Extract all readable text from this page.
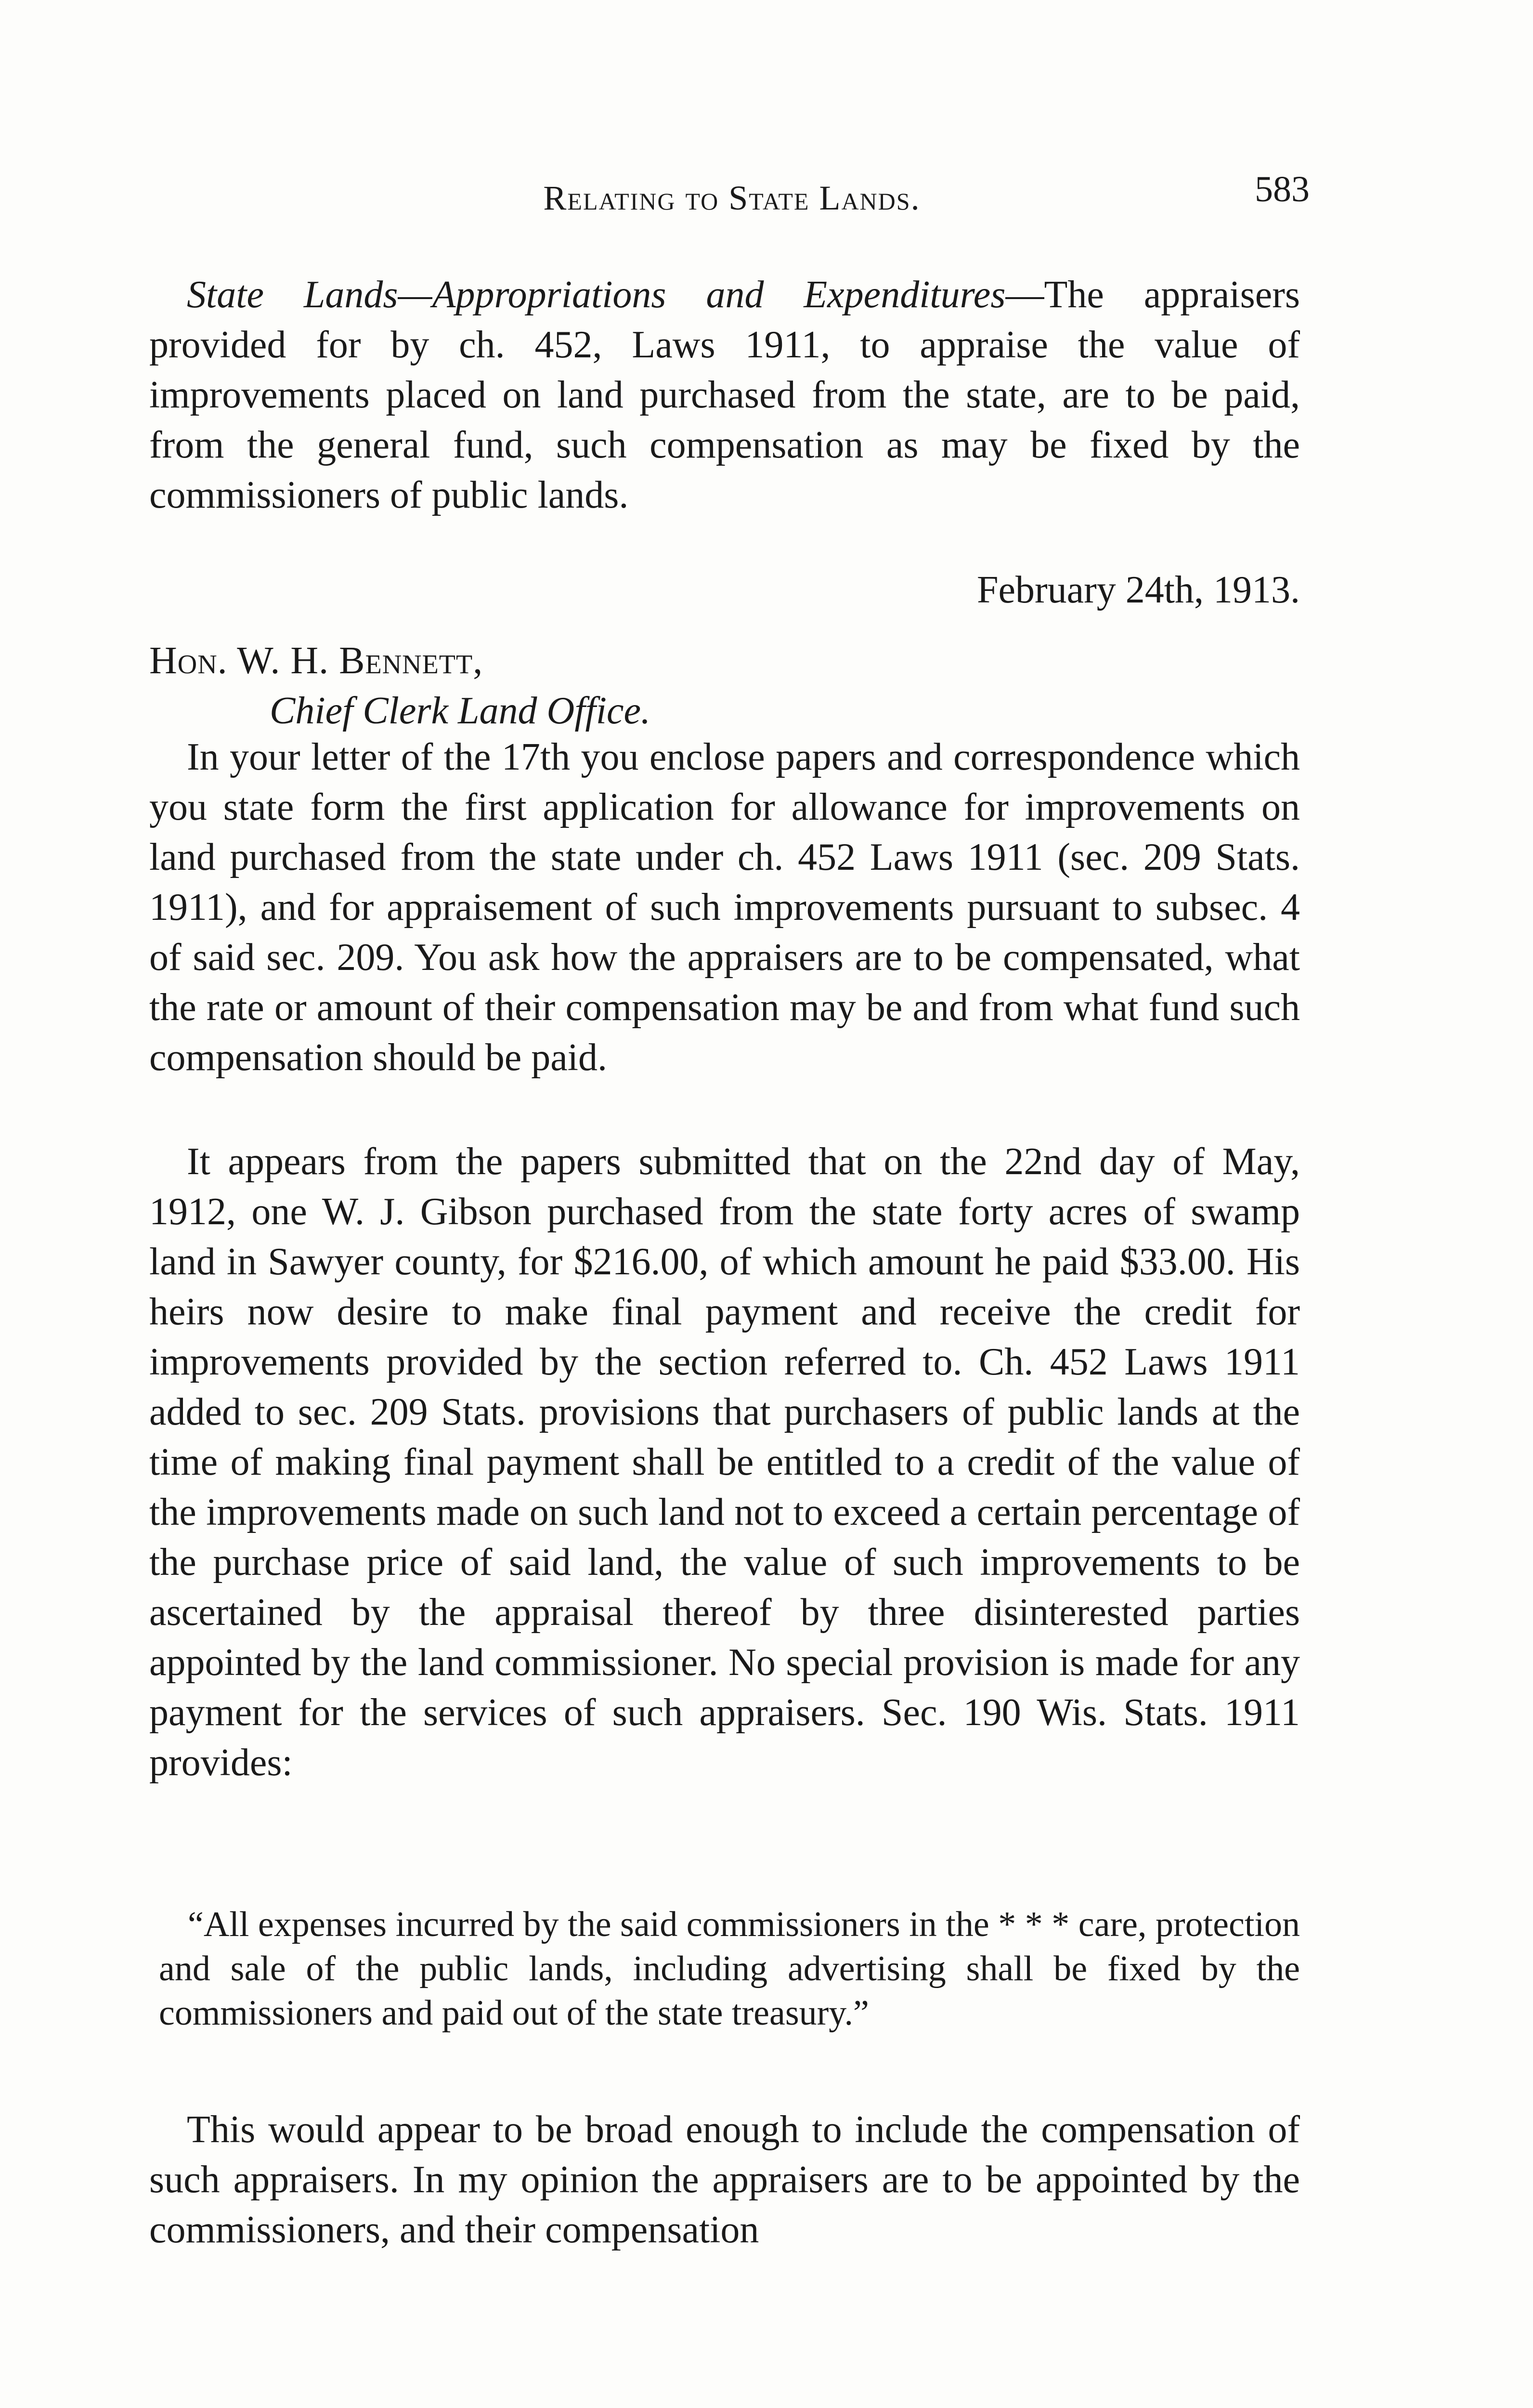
Relating to State Lands.	583
State Lands—Appropriations and Expenditures—The appraisers provided for by ch. 452, Laws 1911, to appraise the value of improvements placed on land purchased from the state, are to be paid, from the general fund, such compensation as may be fixed by the commissioners of public lands.
February 24th, 1913.
Hon. W. H. Bennett,
Chief Clerk Land Office.
In your letter of the 17th you enclose papers and correspondence which you state form the first application for allowance for improvements on land purchased from the state under ch. 452 Laws 1911 (sec. 209 Stats. 1911), and for appraisement of such improvements pursuant to subsec. 4 of said sec. 209. You ask how the appraisers are to be compensated, what the rate or amount of their compensation may be and from what fund such compensation should be paid.
It appears from the papers submitted that on the 22nd day of May, 1912, one W. J. Gibson purchased from the state forty acres of swamp land in Sawyer county, for $216.00, of which amount he paid $33.00. His heirs now desire to make final payment and receive the credit for improvements provided by the section referred to. Ch. 452 Laws 1911 added to sec. 209 Stats. provisions that purchasers of public lands at the time of making final payment shall be entitled to a credit of the value of the improvements made on such land not to exceed a certain percentage of the purchase price of said land, the value of such improvements to be ascertained by the appraisal thereof by three disinterested parties appointed by the land commissioner. No special provision is made for any payment for the services of such appraisers. Sec. 190 Wis. Stats. 1911 provides:
“All expenses incurred by the said commissioners in the * * * care, protection and sale of the public lands, including advertising shall be fixed by the commissioners and paid out of the state treasury.”
This would appear to be broad enough to include the compensation of such appraisers. In my opinion the appraisers are to be appointed by the commissioners, and their compensation
